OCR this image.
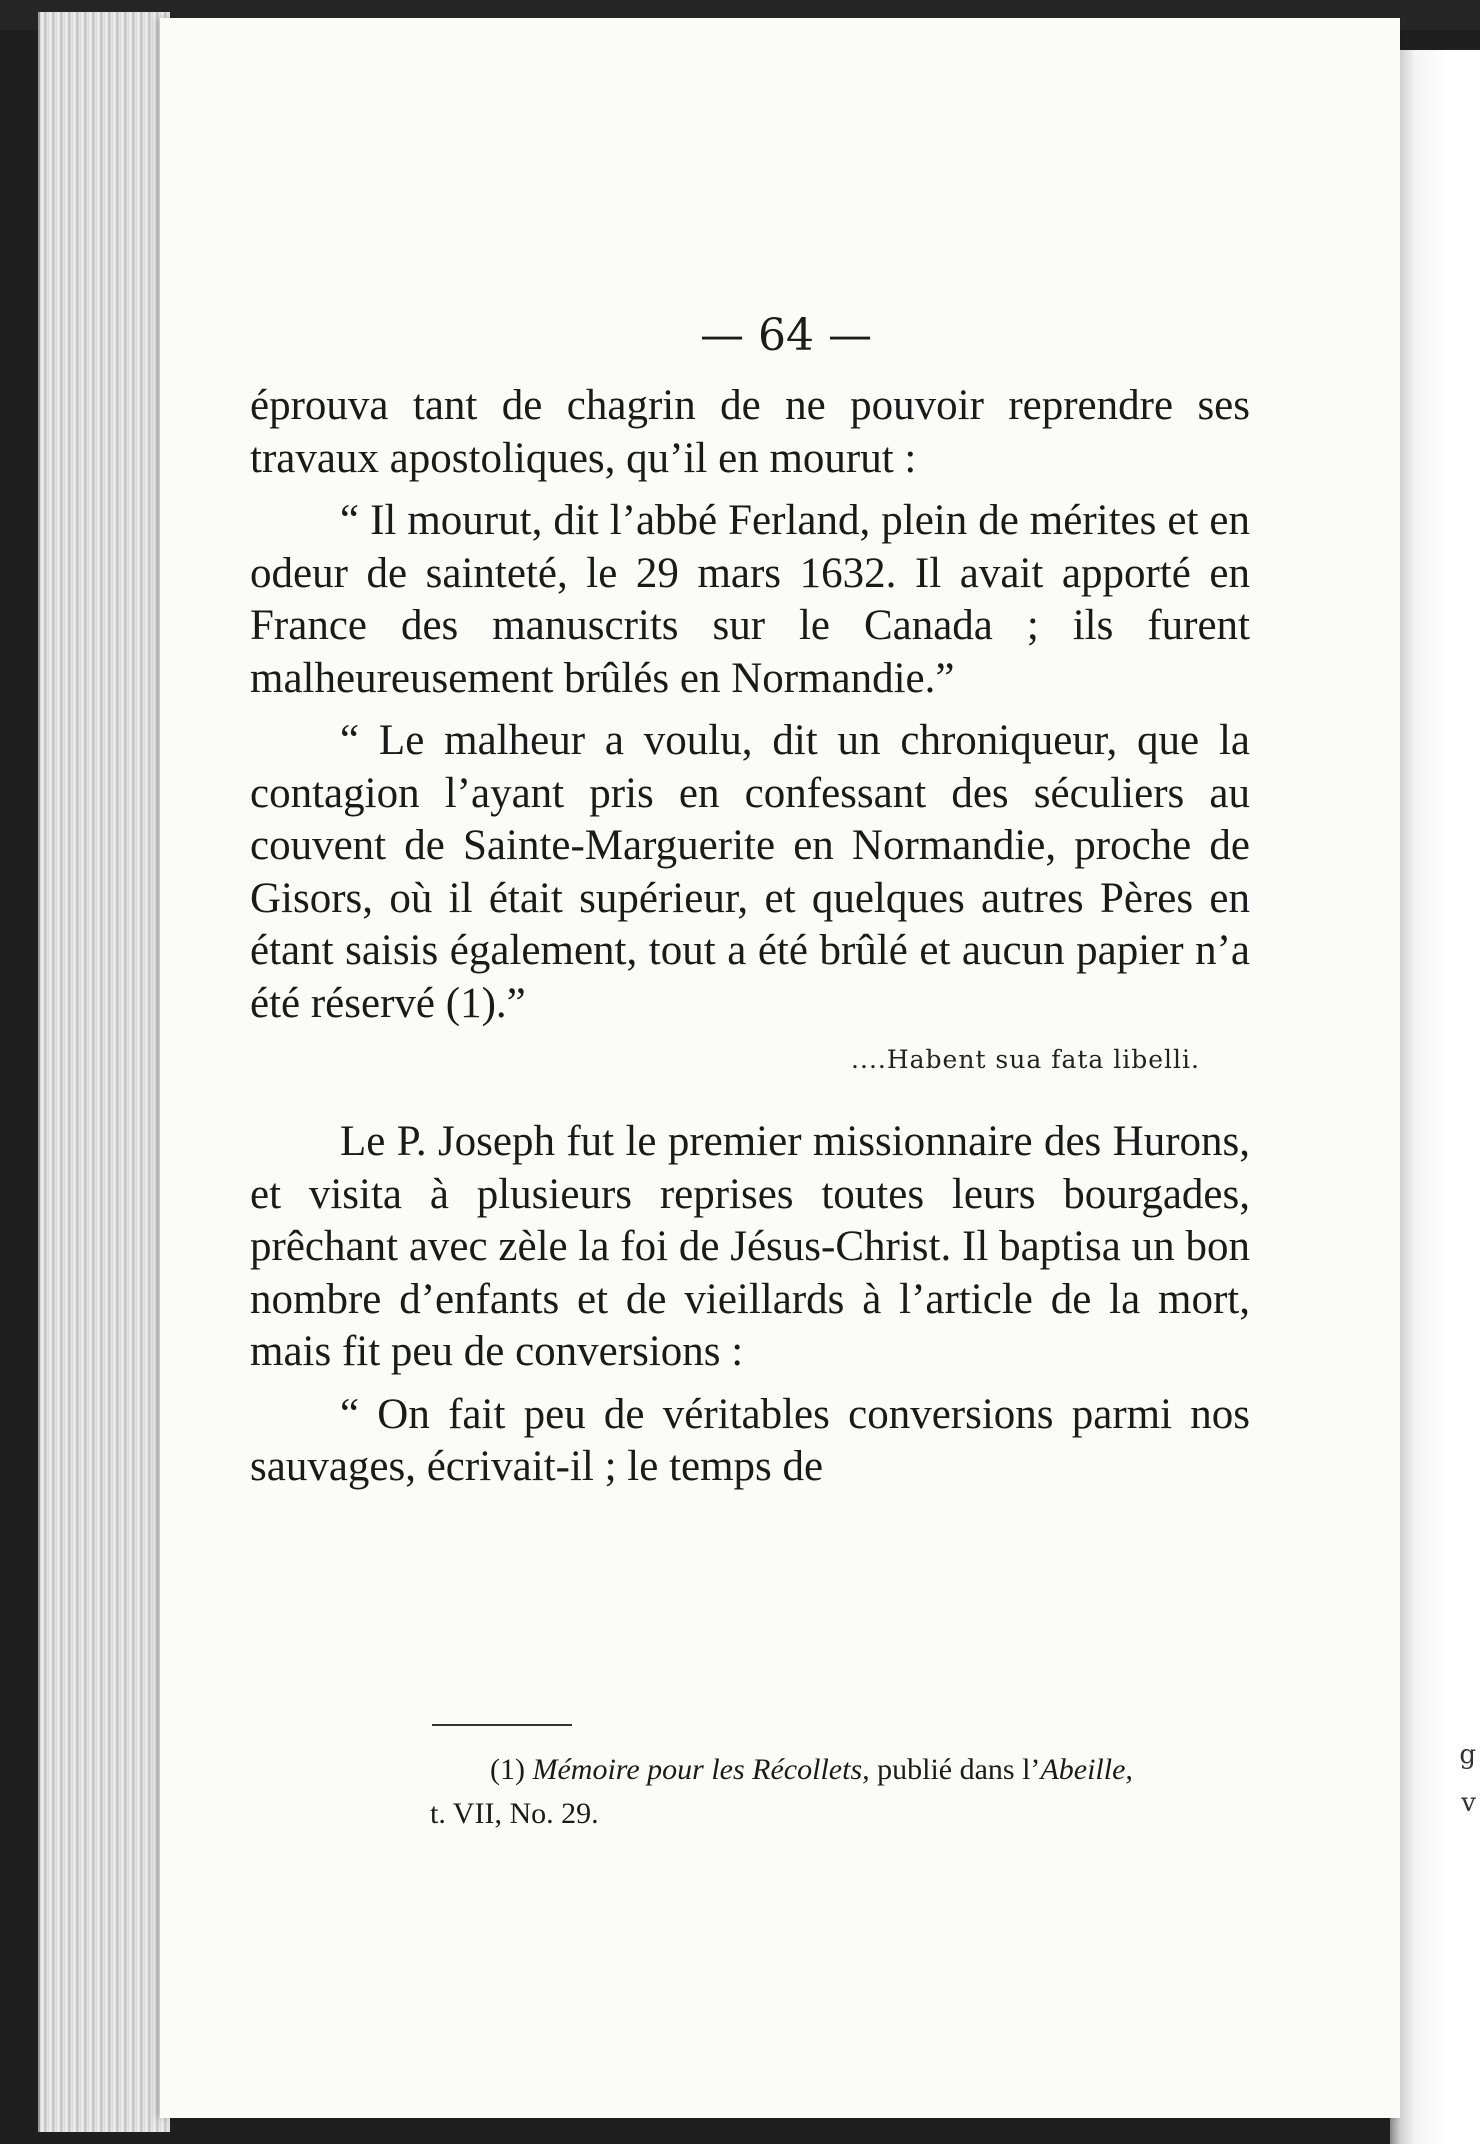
g
v
— 64 —

éprouva tant de chagrin de ne pouvoir reprendre ses travaux apostoliques, qu’il en mourut :

“ Il mourut, dit l’abbé Ferland, plein de mérites et en odeur de sainteté, le 29 mars 1632. Il avait apporté en France des manuscrits sur le Canada ; ils furent malheureusement brûlés en Normandie.”

“ Le malheur a voulu, dit un chroniqueur, que la contagion l’ayant pris en confessant des séculiers au couvent de Sainte-Marguerite en Normandie, proche de Gisors, où il était supérieur, et quelques autres Pères en étant saisis également, tout a été brûlé et aucun papier n’a été réservé (1).”

....Habent sua fata libelli.

Le P. Joseph fut le premier missionnaire des Hurons, et visita à plusieurs reprises toutes leurs bourgades, prêchant avec zèle la foi de Jésus-Christ. Il baptisa un bon nombre d’enfants et de vieillards à l’article de la mort, mais fit peu de conversions :

“ On fait peu de véritables conversions parmi nos sauvages, écrivait-il ; le temps de

(1) Mémoire pour les Récollets, publié dans l’Abeille,
t. VII, No. 29.
